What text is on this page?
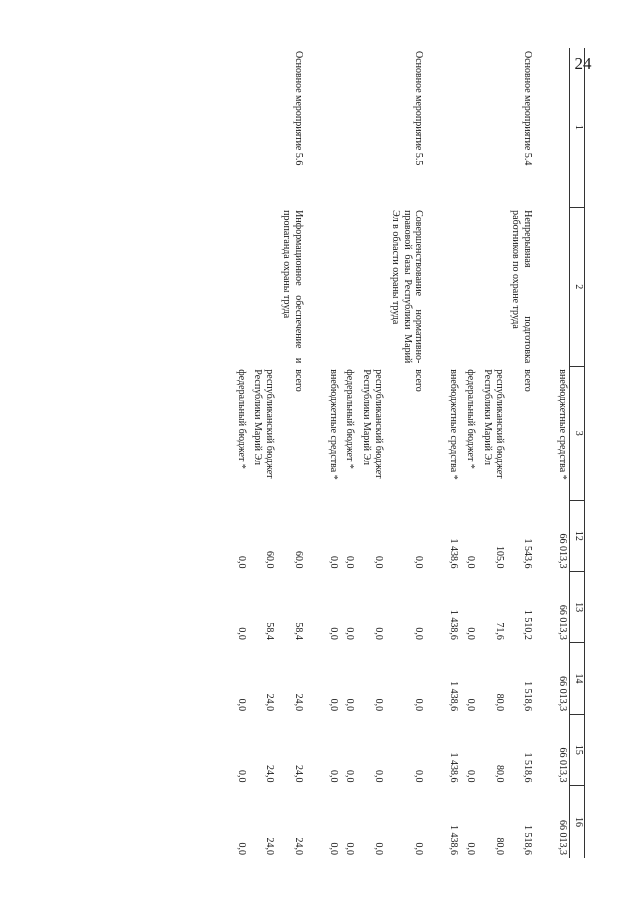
24
1	2	3	12	13	14	15	16
		внебюджетные средства *	66 013,3	66 013,3	66 013,3	66 013,3	66 013,3

Основное мероприятие 5.4	Непрерывная подготовка работников по охране труда	всего	1 543,6	1 510,2	1 518,6	1 518,6	1 518,6
		республиканский бюджет Республики Марий Эл	105,0	71,6	80,0	80,0	80,0
		федеральный бюджет *	0,0	0,0	0,0	0,0	0,0
		внебюджетные средства *	1 438,6	1 438,6	1 438,6	1 438,6	1 438,6

Основное мероприятие 5.5	Совершенствование нормативно-правовой базы Республики Марий Эл в области охраны труда	всего	0,0	0,0	0,0	0,0	0,0
		республиканский бюджет Республики Марий Эл	0,0	0,0	0,0	0,0	0,0
		федеральный бюджет *	0,0	0,0	0,0	0,0	0,0
		внебюджетные средства *	0,0	0,0	0,0	0,0	0,0

Основное мероприятие 5.6	Информационное обеспечение и пропаганда охраны труда	всего	60,0	58,4	24,0	24,0	24,0
		республиканский бюджет Республики Марий Эл	60,0	58,4	24,0	24,0	24,0
		федеральный бюджет *	0,0	0,0	0,0	0,0	0,0
